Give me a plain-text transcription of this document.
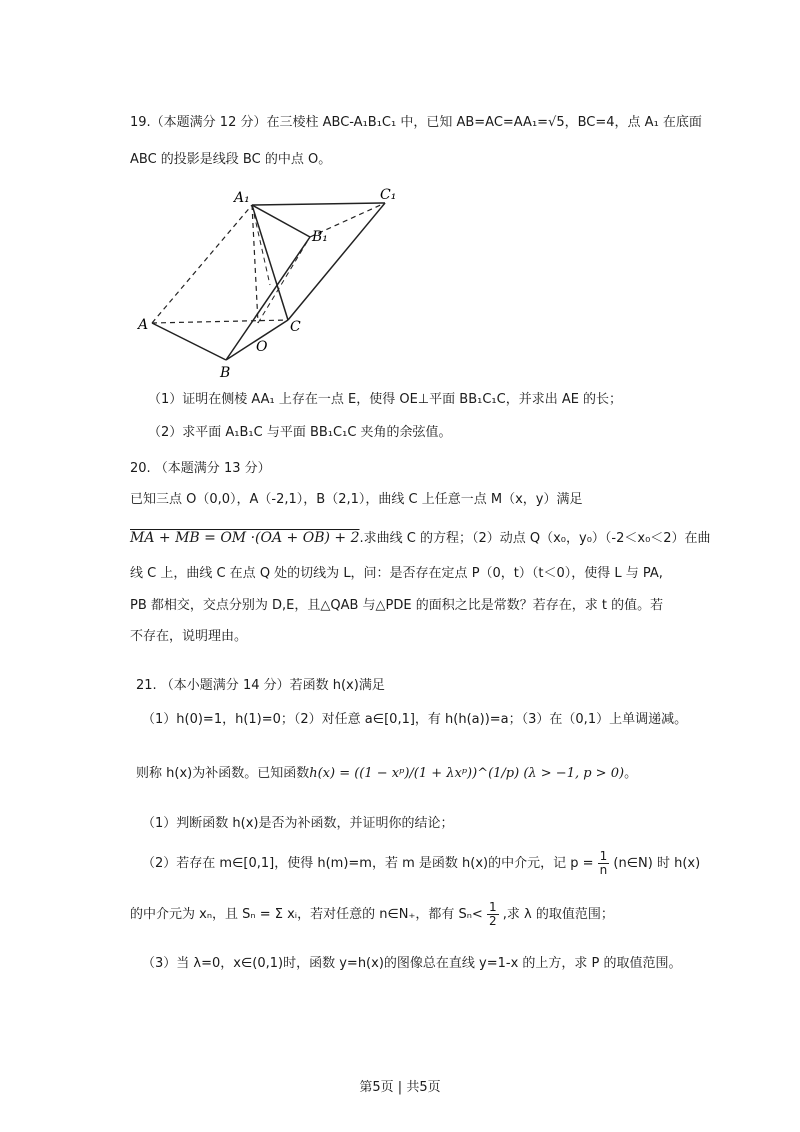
19.（本题满分 12 分）在三棱柱 ABC-A₁B₁C₁ 中，已知 AB=AC=AA₁=√5，BC=4，点 A₁ 在底面
ABC 的投影是线段 BC 的中点 O。
A₁	C₁
B₁
A	C
O
B
（1）证明在侧棱 AA₁ 上存在一点 E，使得 OE⊥平面 BB₁C₁C，并求出 AE 的长；
（2）求平面 A₁B₁C 与平面 BB₁C₁C 夹角的余弦值。
20. （本题满分 13 分）
已知三点 O（0,0），A（-2,1），B（2,1），曲线 C 上任意一点 M（x，y）满足
MA + MB = OM ·(OA + OB) + 2.求曲线 C 的方程；（2）动点 Q（x₀，y₀）（-2＜x₀＜2）在曲
线 C 上，曲线 C 在点 Q 处的切线为 L，问：是否存在定点 P（0，t）（t＜0），使得 L 与 PA,
PB 都相交，交点分别为 D,E，且△QAB 与△PDE 的面积之比是常数？若存在，求 t 的值。若
不存在，说明理由。
21. （本小题满分 14 分）若函数 h(x)满足
（1）h(0)=1，h(1)=0；（2）对任意 a∈[0,1]，有 h(h(a))=a；（3）在（0,1）上单调递减。
则称 h(x)为补函数。已知函数h(x) = ((1 − xᵖ)/(1 + λxᵖ))^(1/p) (λ > −1, p > 0)。
（1）判断函数 h(x)是否为补函数，并证明你的结论；
（2）若存在 m∈[0,1]，使得 h(m)=m，若 m 是函数 h(x)的中介元，记 $p = \frac{1}{n}$ (n∈N) 时 h(x)
的中介元为 xₙ，且 Sₙ = Σ xᵢ，若对任意的 n∈N₊，都有 $S_n< \frac{1}{2}$ ,求 λ 的取值范围；
（3）当 λ=0，x∈(0,1)时，函数 y=h(x)的图像总在直线 y=1-x 的上方，求 P 的取值范围。
第5页 | 共5页
